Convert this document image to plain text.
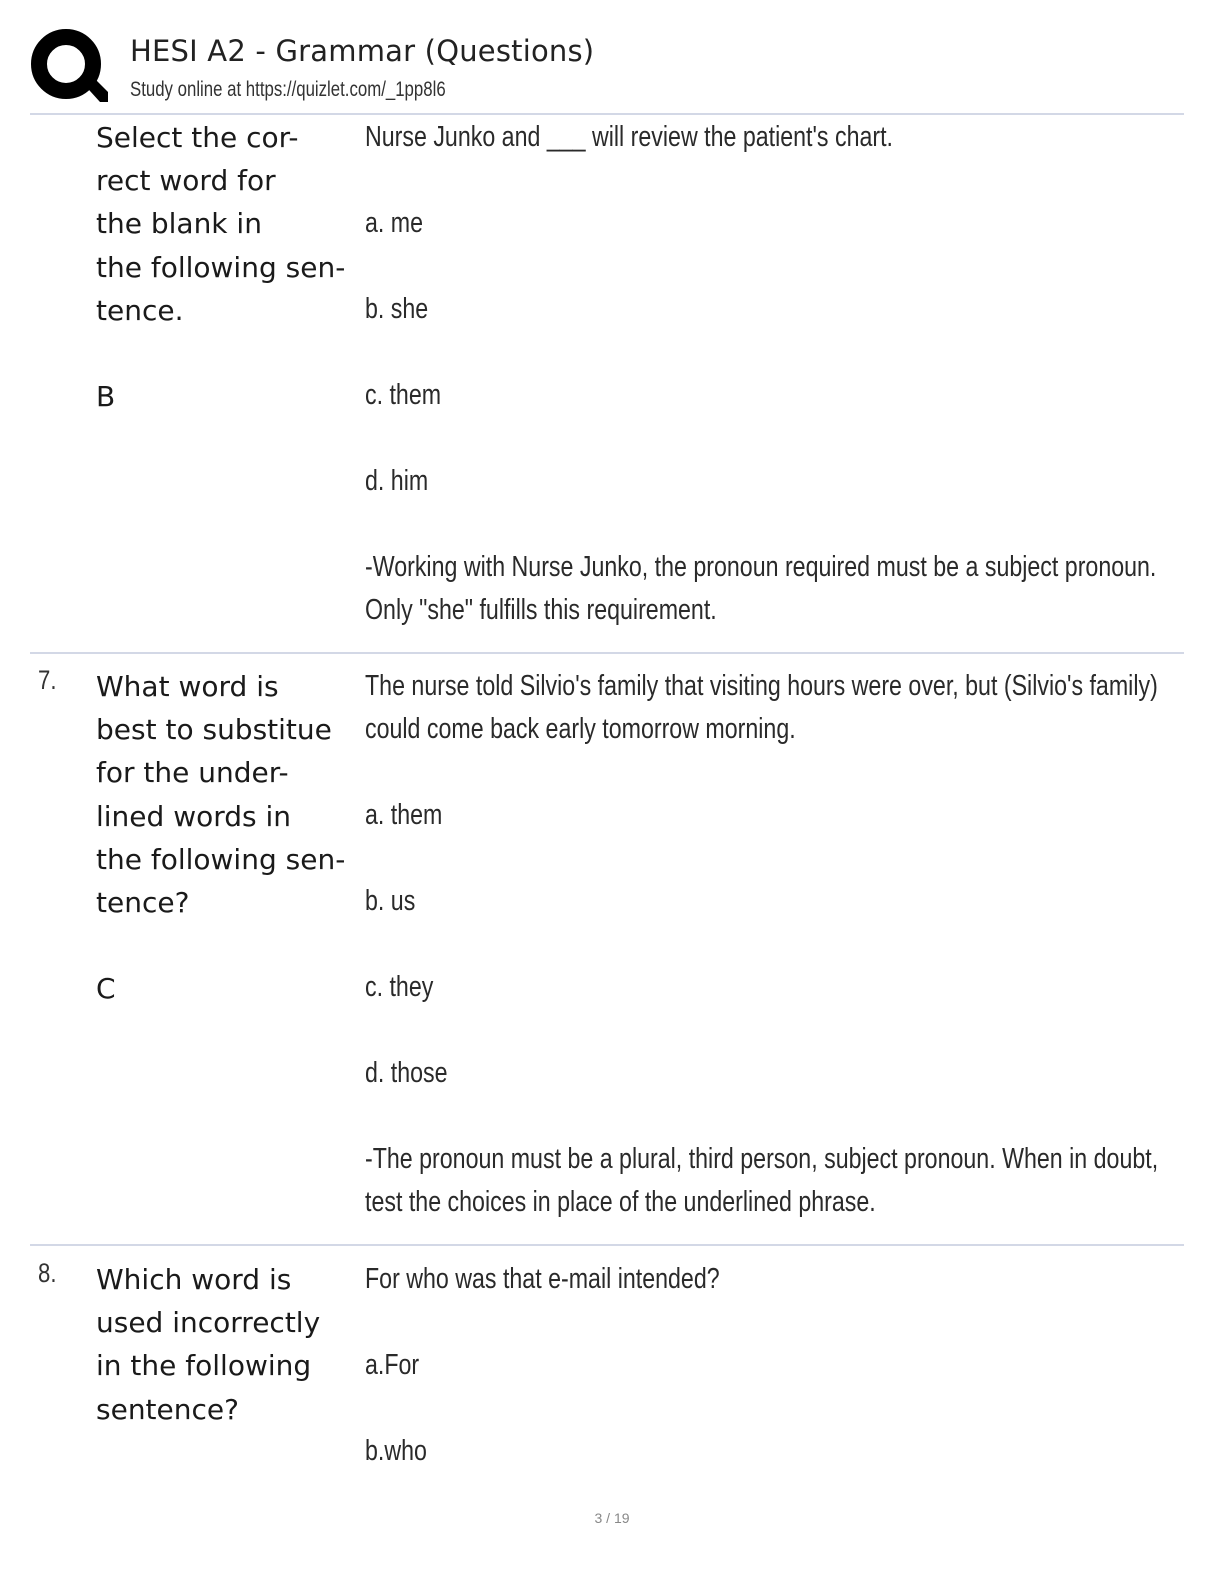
HESI A2 - Grammar (Questions)
Study online at https://quizlet.com/_1pp8l6

Select the cor-

rect word for

the blank in

the following sen-

tence.

B

Nurse Junko and ___ will review the patient's chart.

a. me

b. she

c. them

d. him

-Working with Nurse Junko, the pronoun required must be a subject pronoun. Only "she" fulfills this requirement.

7. What word is

best to substitue

for the under-

lined words in

the following sen-

tence?

C

The nurse told Silvio's family that visiting hours were over, but (Silvio's family) could come back early tomorrow morning.

a. them

b. us

c. they

d. those

-The pronoun must be a plural, third person, subject pronoun. When in doubt, test the choices in place of the underlined phrase.

8. Which word is

used incorrectly

in the following

sentence?

For who was that e-mail intended?

a.For

b.who

3 / 19
